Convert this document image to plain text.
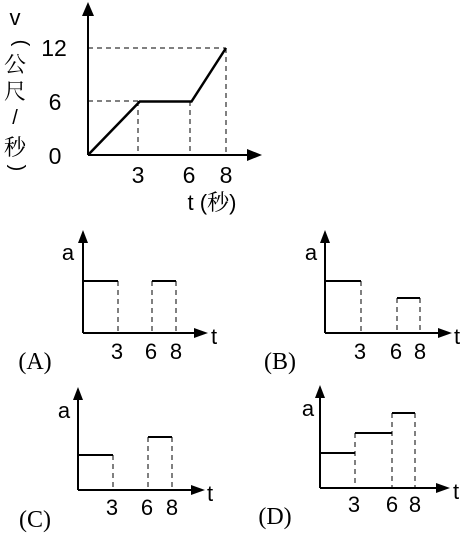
v
(
公
尺
/
秒
)
12
6
0
3 6 8
t (秒)
a
t
3 6 8
(A)
a
t
3 6 8
(B)
a
t
3 6 8
(C)
a
t
3 6 8
(D)
